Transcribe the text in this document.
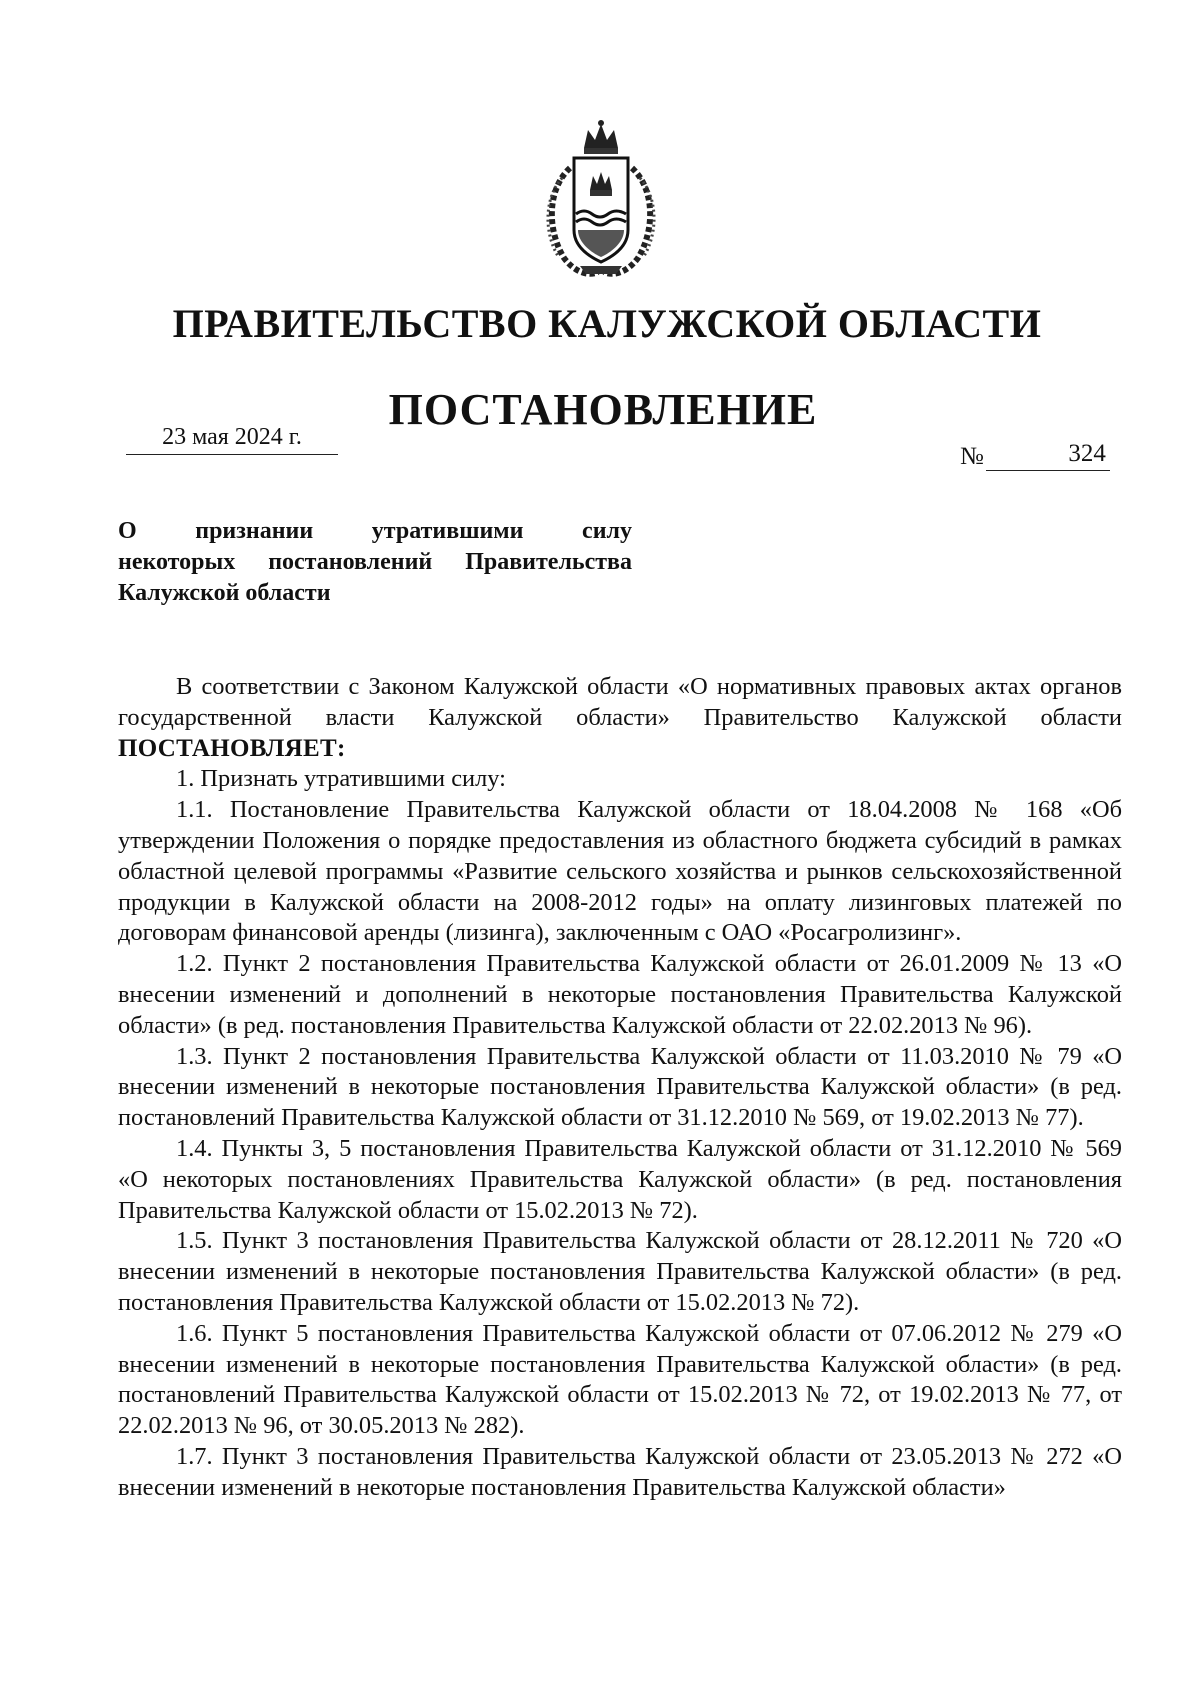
ПРАВИТЕЛЬСТВО КАЛУЖСКОЙ ОБЛАСТИ
ПОСТАНОВЛЕНИЕ
23 мая 2024 г.
№	324
О признании утратившими силу
некоторых постановлений Правительства
Калужской области

В соответствии с Законом Калужской области «О нормативных правовых актах органов государственной власти Калужской области» Правительство Калужской области ПОСТАНОВЛЯЕТ:

1. Признать утратившими силу:

1.1. Постановление Правительства Калужской области от 18.04.2008 № 168 «Об утверждении Положения о порядке предоставления из областного бюджета субсидий в рамках областной целевой программы «Развитие сельского хозяйства и рынков сельскохозяйственной продукции в Калужской области на 2008-2012 годы» на оплату лизинговых платежей по договорам финансовой аренды (лизинга), заключенным с ОАО «Росагролизинг».

1.2. Пункт 2 постановления Правительства Калужской области от 26.01.2009 № 13 «О внесении изменений и дополнений в некоторые постановления Правительства Калужской области» (в ред. постановления Правительства Калужской области от 22.02.2013 № 96).

1.3. Пункт 2 постановления Правительства Калужской области от 11.03.2010 № 79 «О внесении изменений в некоторые постановления Правительства Калужской области» (в ред. постановлений Правительства Калужской области от 31.12.2010 № 569, от 19.02.2013 № 77).

1.4. Пункты 3, 5 постановления Правительства Калужской области от 31.12.2010 № 569 «О некоторых постановлениях Правительства Калужской области» (в ред. постановления Правительства Калужской области от 15.02.2013 № 72).

1.5. Пункт 3 постановления Правительства Калужской области от 28.12.2011 № 720 «О внесении изменений в некоторые постановления Правительства Калужской области» (в ред. постановления Правительства Калужской области от 15.02.2013 № 72).

1.6. Пункт 5 постановления Правительства Калужской области от 07.06.2012 № 279 «О внесении изменений в некоторые постановления Правительства Калужской области» (в ред. постановлений Правительства Калужской области от 15.02.2013 № 72, от 19.02.2013 № 77, от 22.02.2013 № 96, от 30.05.2013 № 282).

1.7. Пункт 3 постановления Правительства Калужской области от 23.05.2013 № 272 «О внесении изменений в некоторые постановления Правительства Калужской области»
